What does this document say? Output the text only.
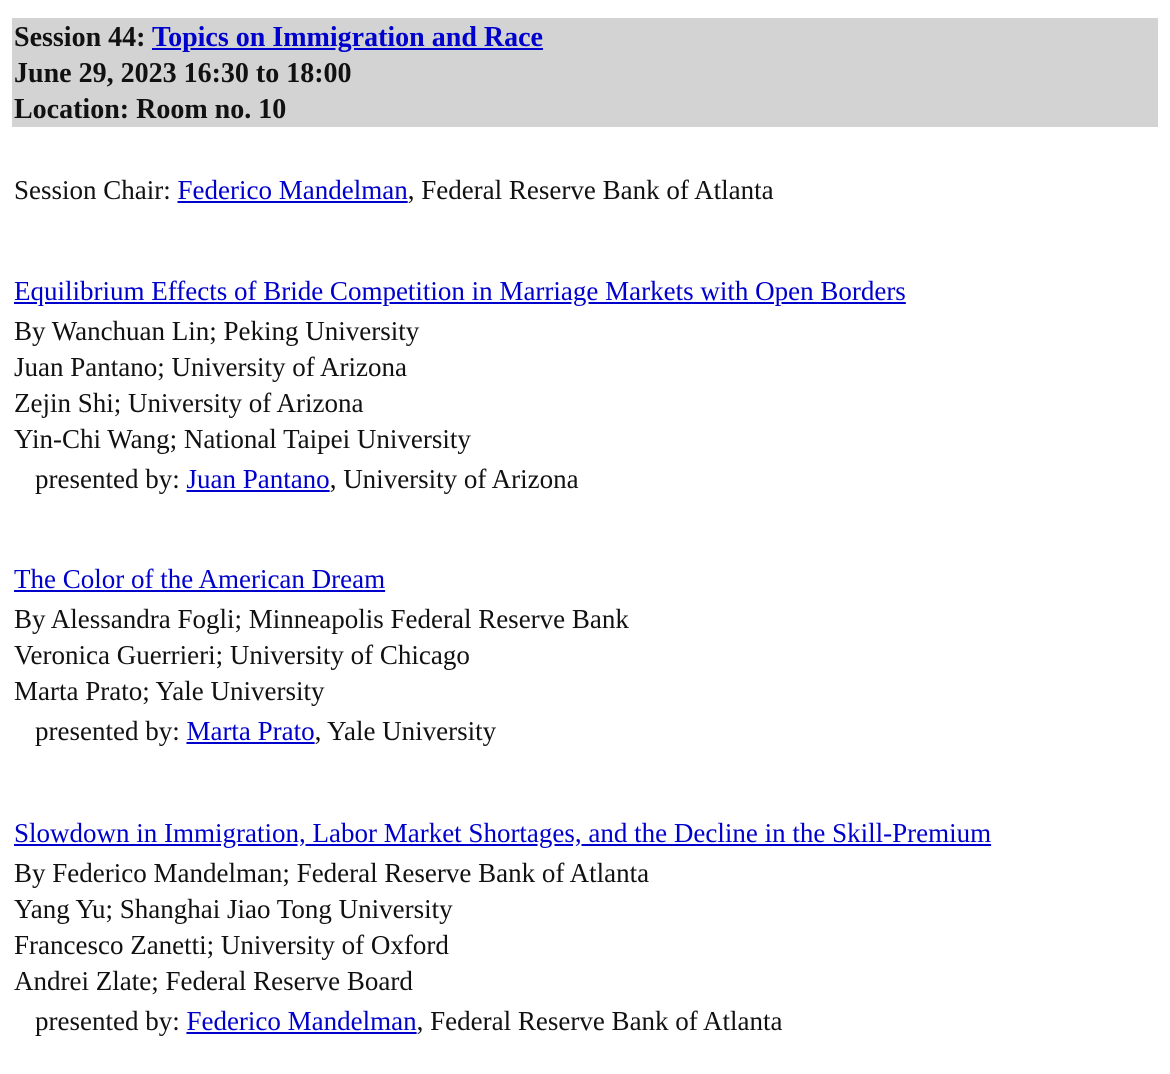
Session 44: Topics on Immigration and Race
June 29, 2023 16:30 to 18:00
Location: Room no. 10
Session Chair: Federico Mandelman, Federal Reserve Bank of Atlanta
Equilibrium Effects of Bride Competition in Marriage Markets with Open Borders
By Wanchuan Lin; Peking University
Juan Pantano; University of Arizona
Zejin Shi; University of Arizona
Yin-Chi Wang; National Taipei University
presented by: Juan Pantano, University of Arizona
The Color of the American Dream
By Alessandra Fogli; Minneapolis Federal Reserve Bank
Veronica Guerrieri; University of Chicago
Marta Prato; Yale University
presented by: Marta Prato, Yale University
Slowdown in Immigration, Labor Market Shortages, and the Decline in the Skill-Premium
By Federico Mandelman; Federal Reserve Bank of Atlanta
Yang Yu; Shanghai Jiao Tong University
Francesco Zanetti; University of Oxford
Andrei Zlate; Federal Reserve Board
presented by: Federico Mandelman, Federal Reserve Bank of Atlanta
